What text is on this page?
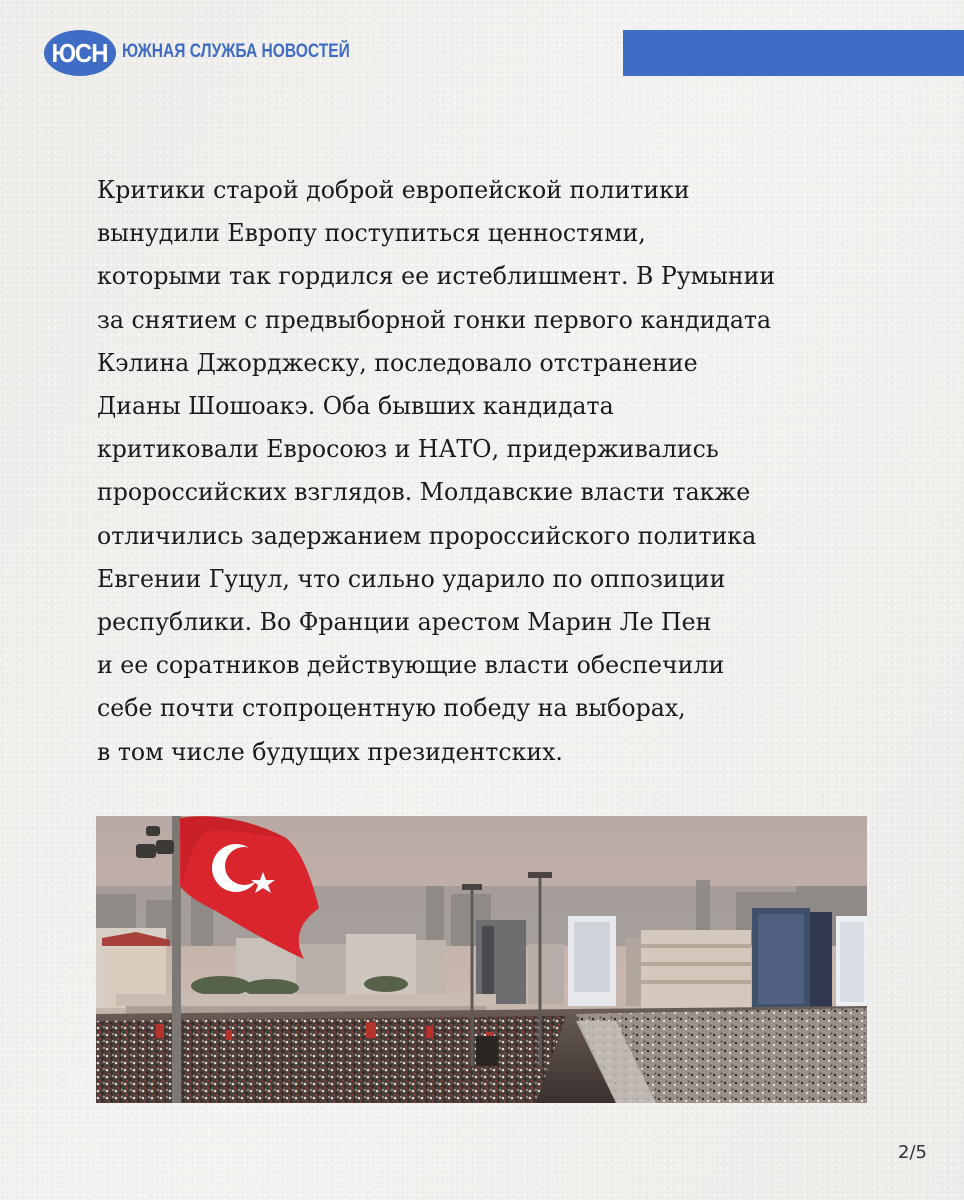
ЮСН ЮЖНАЯ СЛУЖБА НОВОСТЕЙ
Критики старой доброй европейской политики
вынудили Европу поступиться ценностями,
которыми так гордился ее истеблишмент. В Румынии
за снятием с предвыборной гонки первого кандидата
Кэлина Джорджеску, последовало отстранение
Дианы Шошоакэ. Оба бывших кандидата
критиковали Евросоюз и НАТО, придерживались
пророссийских взглядов. Молдавские власти также
отличились задержанием пророссийского политика
Евгении Гуцул, что сильно ударило по оппозиции
республики. Во Франции арестом Марин Ле Пен
и ее соратников действующие власти обеспечили
себе почти стопроцентную победу на выборах,
в том числе будущих президентских.
2/5
